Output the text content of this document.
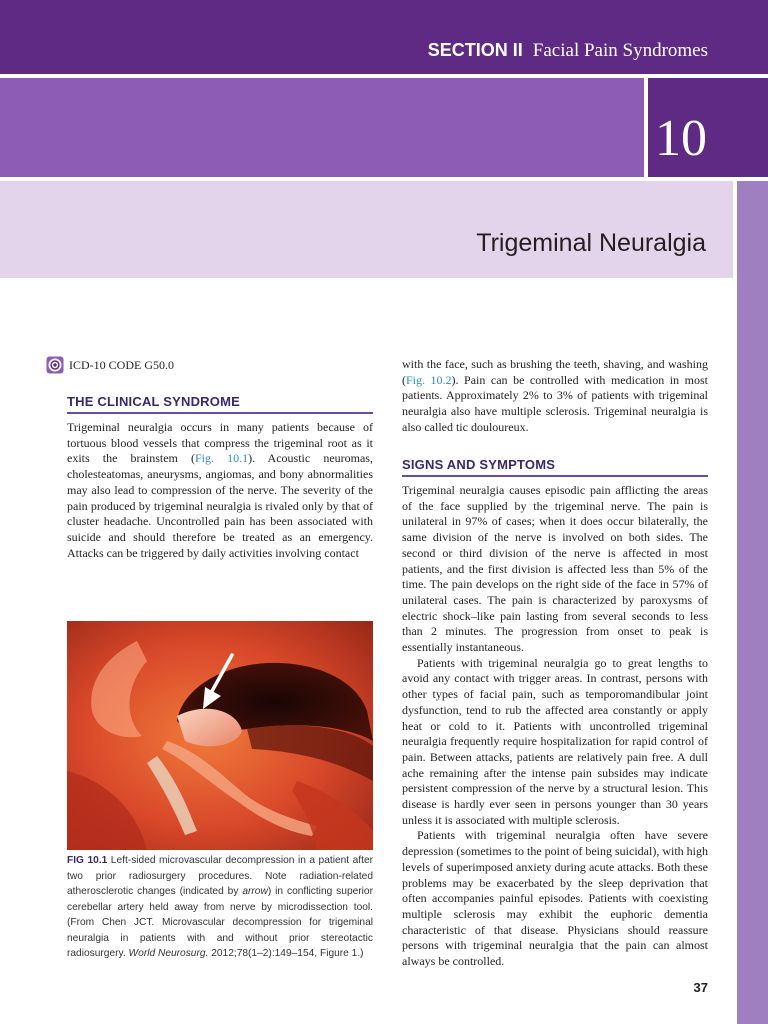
SECTION II Facial Pain Syndromes
10
Trigeminal Neuralgia
ICD-10 CODE G50.0
THE CLINICAL SYNDROME

Trigeminal neuralgia occurs in many patients because of tortuous blood vessels that compress the trigeminal root as it exits the brainstem (Fig. 10.1). Acoustic neuromas, cholesteatomas, aneurysms, angiomas, and bony abnormalities may also lead to compression of the nerve. The severity of the pain produced by trigeminal neuralgia is rivaled only by that of cluster headache. Uncontrolled pain has been associated with suicide and should therefore be treated as an emergency. Attacks can be triggered by daily activities involving contact

FIG 10.1 Left-sided microvascular decompression in a patient after two prior radiosurgery procedures. Note radiation-related atherosclerotic changes (indicated by arrow) in conflicting superior cerebellar artery held away from nerve by microdissection tool. (From Chen JCT. Microvascular decompression for trigeminal neuralgia in patients with and without prior stereotactic radiosurgery. World Neurosurg. 2012;78(1–2):149–154, Figure 1.)

with the face, such as brushing the teeth, shaving, and washing (Fig. 10.2). Pain can be controlled with medication in most patients. Approximately 2% to 3% of patients with trigeminal neuralgia also have multiple sclerosis. Trigeminal neuralgia is also called tic douloureux.

SIGNS AND SYMPTOMS

Trigeminal neuralgia causes episodic pain afflicting the areas of the face supplied by the trigeminal nerve. The pain is unilateral in 97% of cases; when it does occur bilaterally, the same division of the nerve is involved on both sides. The second or third division of the nerve is affected in most patients, and the first division is affected less than 5% of the time. The pain develops on the right side of the face in 57% of unilateral cases. The pain is characterized by paroxysms of electric shock–like pain lasting from several seconds to less than 2 minutes. The progression from onset to peak is essentially instantaneous.

Patients with trigeminal neuralgia go to great lengths to avoid any contact with trigger areas. In contrast, persons with other types of facial pain, such as temporomandibular joint dysfunction, tend to rub the affected area constantly or apply heat or cold to it. Patients with uncontrolled trigeminal neuralgia frequently require hospitalization for rapid control of pain. Between attacks, patients are relatively pain free. A dull ache remaining after the intense pain subsides may indicate persistent compression of the nerve by a structural lesion. This disease is hardly ever seen in persons younger than 30 years unless it is associated with multiple sclerosis.

Patients with trigeminal neuralgia often have severe depression (sometimes to the point of being suicidal), with high levels of superimposed anxiety during acute attacks. Both these problems may be exacerbated by the sleep deprivation that often accompanies painful episodes. Patients with coexisting multiple sclerosis may exhibit the euphoric dementia characteristic of that disease. Physicians should reassure persons with trigeminal neuralgia that the pain can almost always be controlled.

37
